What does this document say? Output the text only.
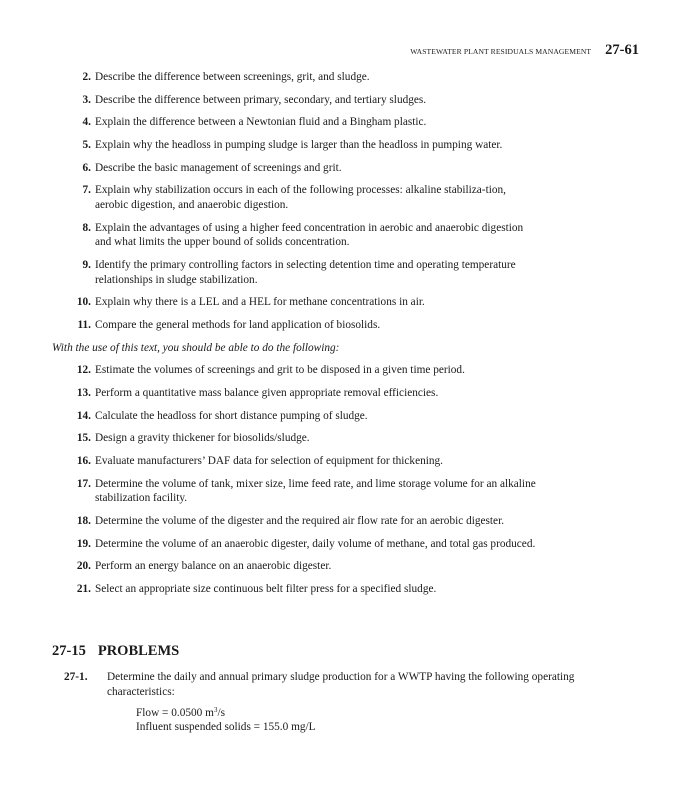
WASTEWATER PLANT RESIDUALS MANAGEMENT 27-61
2. Describe the difference between screenings, grit, and sludge.
3. Describe the difference between primary, secondary, and tertiary sludges.
4. Explain the difference between a Newtonian fluid and a Bingham plastic.
5. Explain why the headloss in pumping sludge is larger than the headloss in pumping water.
6. Describe the basic management of screenings and grit.
7. Explain why stabilization occurs in each of the following processes: alkaline stabiliza-tion, aerobic digestion, and anaerobic digestion.
8. Explain the advantages of using a higher feed concentration in aerobic and anaerobic digestion and what limits the upper bound of solids concentration.
9. Identify the primary controlling factors in selecting detention time and operating temperature relationships in sludge stabilization.
10. Explain why there is a LEL and a HEL for methane concentrations in air.
11. Compare the general methods for land application of biosolids.
With the use of this text, you should be able to do the following:
12. Estimate the volumes of screenings and grit to be disposed in a given time period.
13. Perform a quantitative mass balance given appropriate removal efficiencies.
14. Calculate the headloss for short distance pumping of sludge.
15. Design a gravity thickener for biosolids/sludge.
16. Evaluate manufacturers’ DAF data for selection of equipment for thickening.
17. Determine the volume of tank, mixer size, lime feed rate, and lime storage volume for an alkaline stabilization facility.
18. Determine the volume of the digester and the required air flow rate for an aerobic digester.
19. Determine the volume of an anaerobic digester, daily volume of methane, and total gas produced.
20. Perform an energy balance on an anaerobic digester.
21. Select an appropriate size continuous belt filter press for a specified sludge.
27-15 PROBLEMS
27-1. Determine the daily and annual primary sludge production for a WWTP having the following operating characteristics:
Flow = 0.0500 $m^3/s$
Influent suspended solids = 155.0 mg/L
